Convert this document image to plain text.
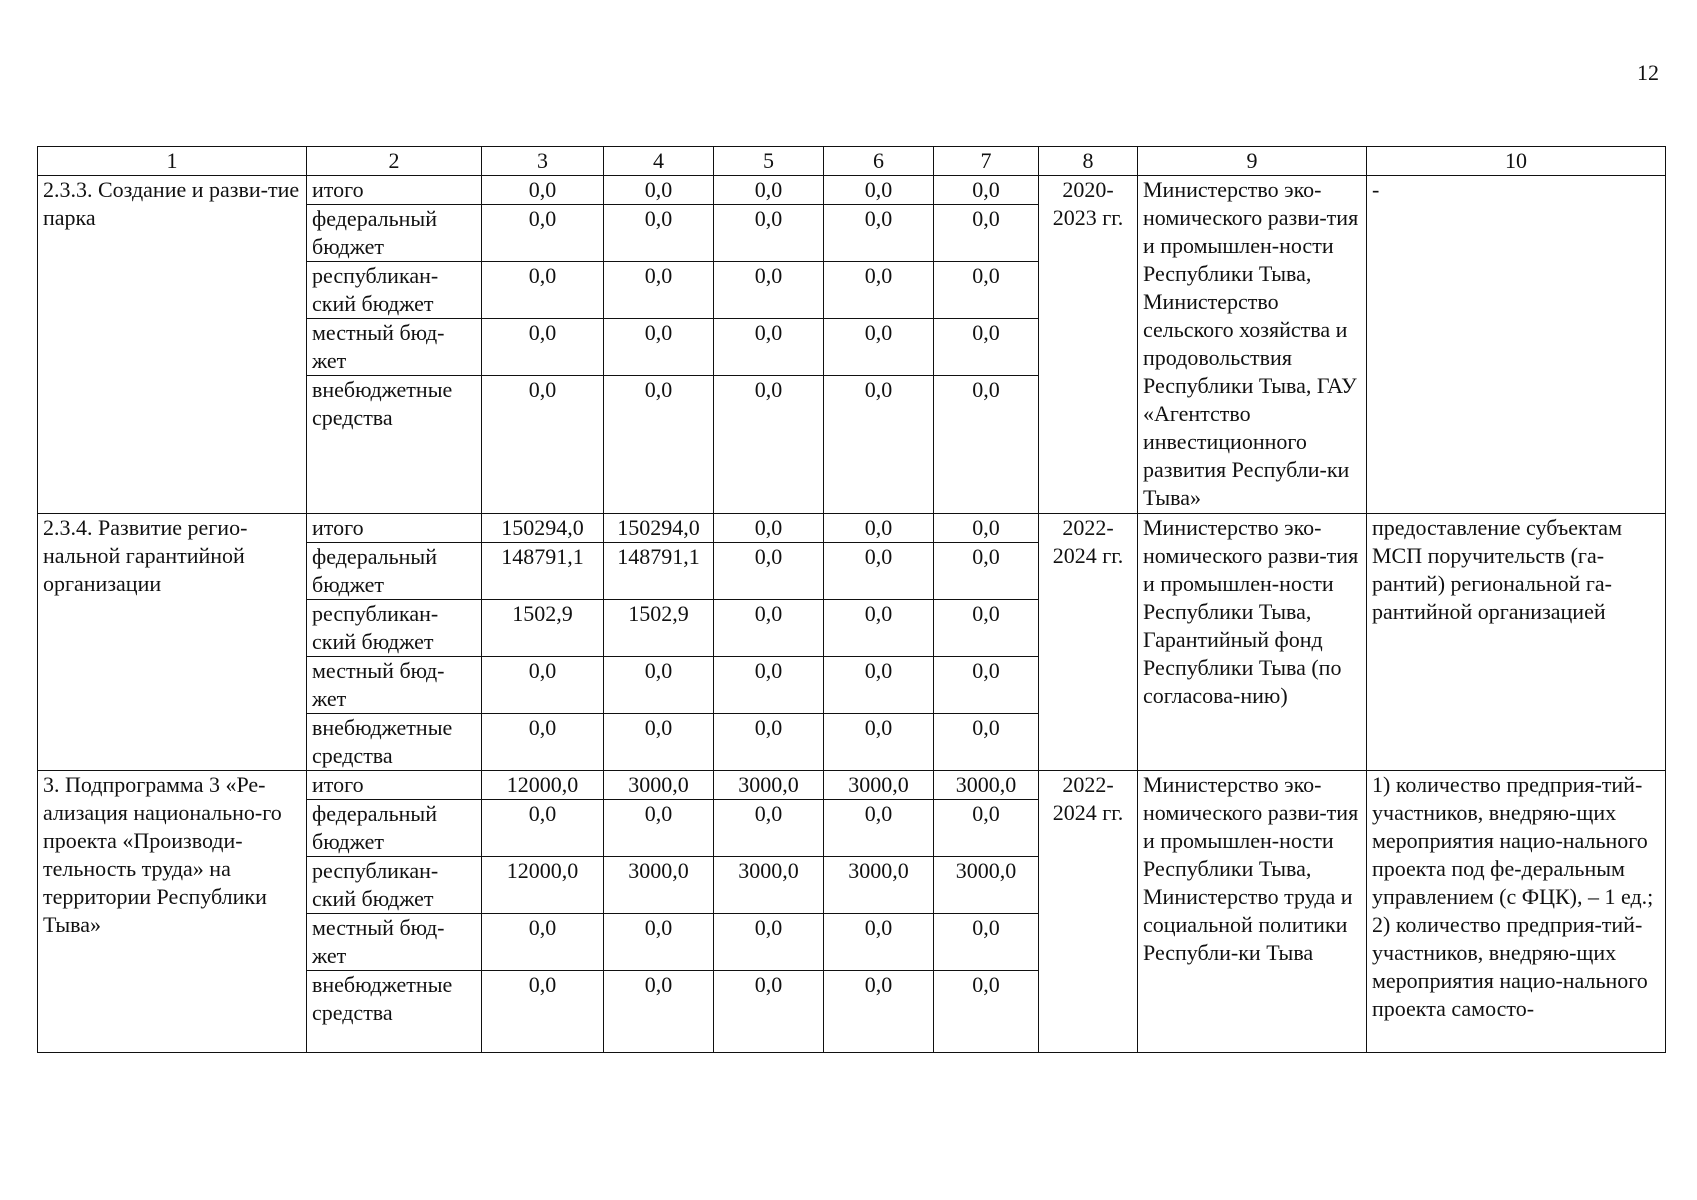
12
1	2	3	4	5	6	7	8	9	10
2.3.3. Создание и разви-тие парка	итого	0,0	0,0	0,0	0,0	0,0	2020-2023 гг.	Министерство эко-номического разви-тия и промышлен-ности Республики Тыва, Министерство сельского хозяйства и продовольствия Республики Тыва, ГАУ «Агентство инвестиционного развития Республи-ки Тыва»	-
	федеральный бюджет	0,0	0,0	0,0	0,0	0,0			
	республикан-ский бюджет	0,0	0,0	0,0	0,0	0,0			
	местный бюд-жет	0,0	0,0	0,0	0,0	0,0			
	внебюджетные средства	0,0	0,0	0,0	0,0	0,0			
2.3.4. Развитие регио-нальной гарантийной организации	итого	150294,0	150294,0	0,0	0,0	0,0	2022-2024 гг.	Министерство эко-номического разви-тия и промышлен-ности Республики Тыва, Гарантийный фонд Республики Тыва (по согласова-нию)	предоставление субъектам МСП поручительств (га-рантий) региональной га-рантийной организацией
	федеральный бюджет	148791,1	148791,1	0,0	0,0	0,0			
	республикан-ский бюджет	1502,9	1502,9	0,0	0,0	0,0			
	местный бюд-жет	0,0	0,0	0,0	0,0	0,0			
	внебюджетные средства	0,0	0,0	0,0	0,0	0,0			
3. Подпрограмма 3 «Ре-ализация национально-го проекта «Производи-тельность труда» на территории Республики Тыва»	итого	12000,0	3000,0	3000,0	3000,0	3000,0	2022-2024 гг.	Министерство эко-номического разви-тия и промышлен-ности Республики Тыва, Министерство труда и социальной политики Республи-ки Тыва	1) количество предприя-тий-участников, внедряю-щих мероприятия нацио-нального проекта под фе-деральным управлением (с ФЦК), – 1 ед.; 2) количество предприя-тий-участников, внедряю-щих мероприятия нацио-нального проекта самосто-
	федеральный бюджет	0,0	0,0	0,0	0,0	0,0			
	республикан-ский бюджет	12000,0	3000,0	3000,0	3000,0	3000,0			
	местный бюд-жет	0,0	0,0	0,0	0,0	0,0			
	внебюджетные средства	0,0	0,0	0,0	0,0	0,0			
